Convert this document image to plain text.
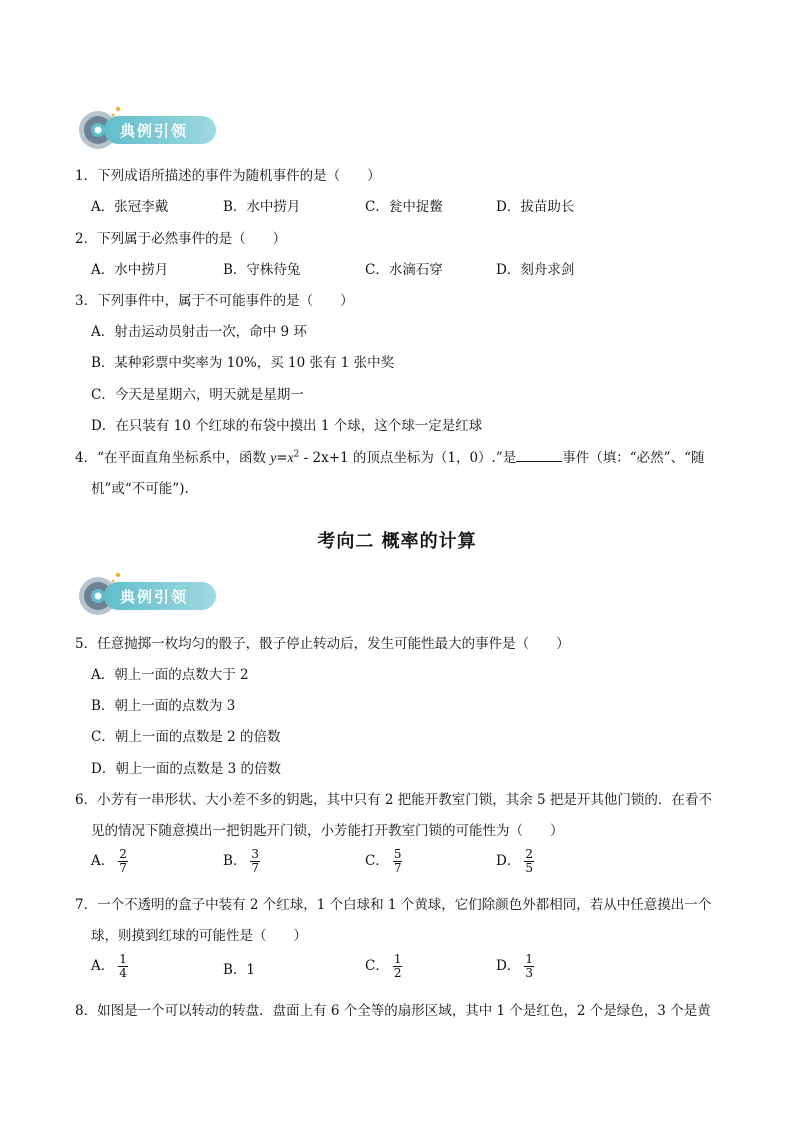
典例引领
1．下列成语所描述的事件为随机事件的是（　　）
A．张冠李戴	B．水中捞月	C．瓮中捉鳖	D．拔苗助长
2．下列属于必然事件的是（　　）
A．水中捞月	B．守株待兔	C．水滴石穿	D．刻舟求剑
3．下列事件中，属于不可能事件的是（　　）
A．射击运动员射击一次，命中 9 环
B．某种彩票中奖率为 10%，买 10 张有 1 张中奖
C．今天是星期六，明天就是星期一
D．在只装有 10 个红球的布袋中摸出 1 个球，这个球一定是红球
4．“在平面直角坐标系中，函数 $y=x^2 - 2x+1$ 的顶点坐标为（1，0）.”是	事件（填：“必然”、“随
机”或“不可能”).
考向二 概率的计算
典例引领
5．任意抛掷一枚均匀的骰子，骰子停止转动后，发生可能性最大的事件是（　　）
A．朝上一面的点数大于 2
B．朝上一面的点数为 3
C．朝上一面的点数是 2 的倍数
D．朝上一面的点数是 3 的倍数
6．小芳有一串形状、大小差不多的钥匙，其中只有 2 把能开教室门锁，其余 5 把是开其他门锁的．在看不
见的情况下随意摸出一把钥匙开门锁，小芳能打开教室门锁的可能性为（　　）
A． $\frac{2}{7}$	B． $\frac{3}{7}$	C． $\frac{5}{7}$	D． $\frac{2}{5}$
7．一个不透明的盒子中装有 2 个红球，1 个白球和 1 个黄球，它们除颜色外都相同，若从中任意摸出一个
球，则摸到红球的可能性是（　　）
A． $\frac{1}{4}$	B．1	C． $\frac{1}{2}$	D． $\frac{1}{3}$
8．如图是一个可以转动的转盘．盘面上有 6 个全等的扇形区域，其中 1 个是红色，2 个是绿色，3 个是黄
